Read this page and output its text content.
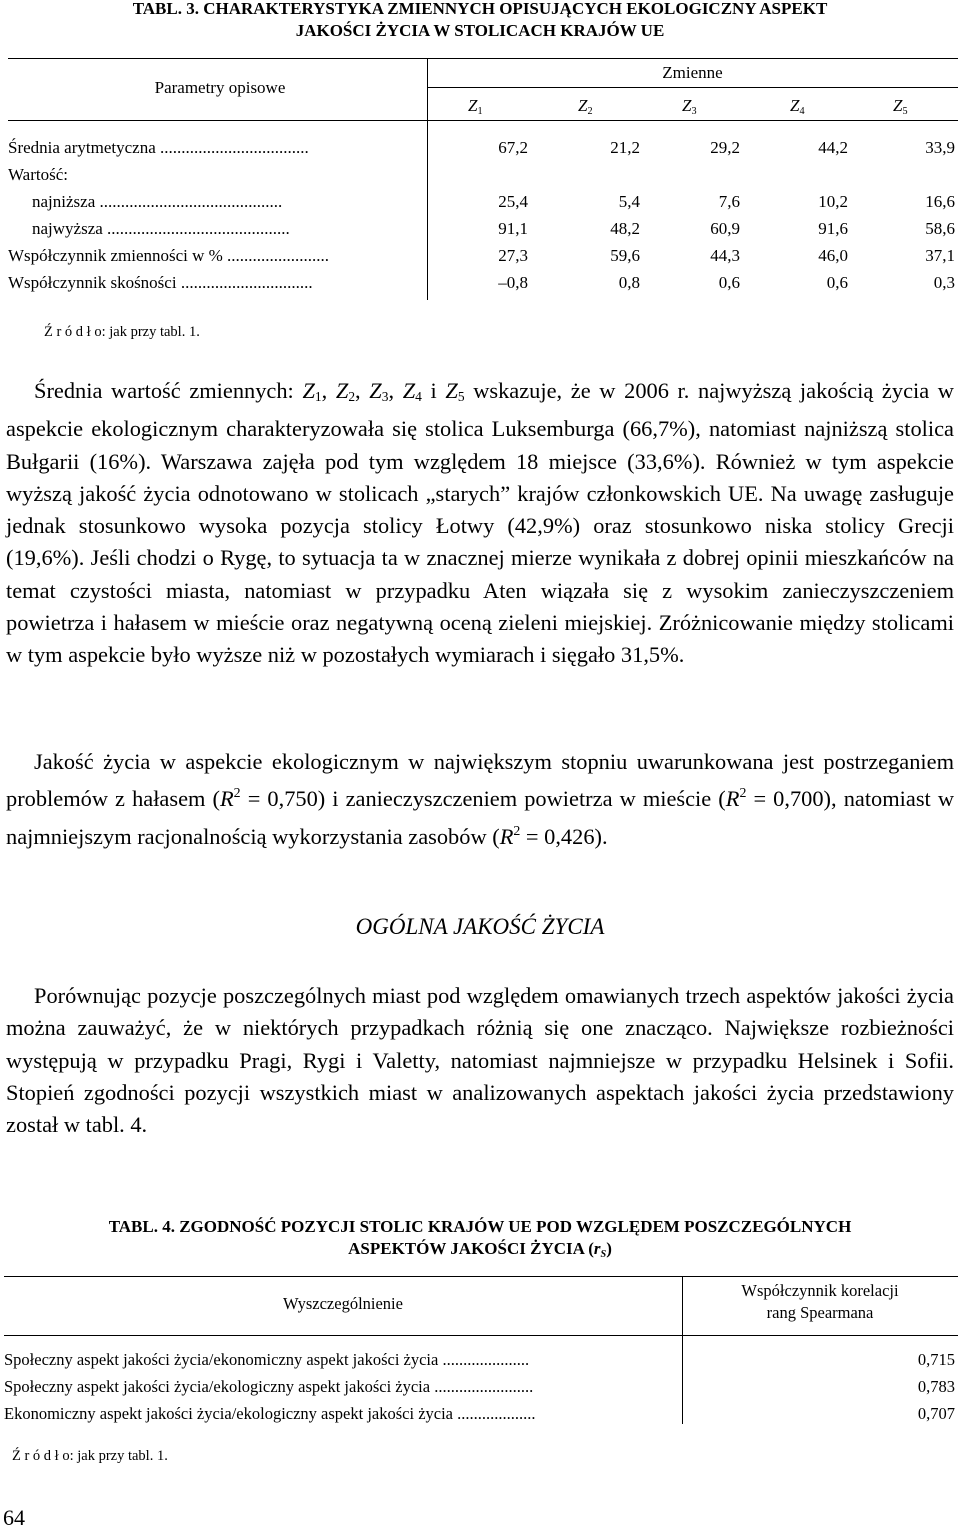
TABL. 3. CHARAKTERYSTYKA ZMIENNYCH OPISUJĄCYCH EKOLOGICZNY ASPEKT
JAKOŚCI ŻYCIA W STOLICACH KRAJÓW UE
Parametry opisowe
Zmienne
$Z_1$	$Z_2$	$Z_3$	$Z_4$	$Z_5$
Średnia arytmetyczna ...................................	67,2	21,2	29,2	44,2	33,9
Wartość:
najniższa ...........................................	25,4	5,4	7,6	10,2	16,6
najwyższa ...........................................	91,1	48,2	60,9	91,6	58,6
Współczynnik zmienności w % ........................	27,3	59,6	44,3	46,0	37,1
Współczynnik skośności ...............................	–0,8	0,8	0,6	0,6	0,3
Ź r ó d ł o: jak przy tabl. 1.

Średnia wartość zmiennych: $Z_1$, $Z_2$, $Z_3$, $Z_4$ i $Z_5$ wskazuje, że w 2006 r. najwyższą jakością życia w aspekcie ekologicznym charakteryzowała się stolica Luksemburga (66,7%), natomiast najniższą stolica Bułgarii (16%). Warszawa zajęła pod tym względem 18 miejsce (33,6%). Również w tym aspekcie wyższą jakość życia odnotowano w stolicach „starych” krajów członkowskich UE. Na uwagę zasługuje jednak stosunkowo wysoka pozycja stolicy Łotwy (42,9%) oraz stosunkowo niska stolicy Grecji (19,6%). Jeśli chodzi o Rygę, to sytuacja ta w znacznej mierze wynikała z dobrej opinii mieszkańców na temat czystości miasta, natomiast w przypadku Aten wiązała się z wysokim zanieczyszczeniem powietrza i hałasem w mieście oraz negatywną oceną zieleni miejskiej. Zróżnicowanie między stolicami w tym aspekcie było wyższe niż w pozostałych wymiarach i sięgało 31,5%.

Jakość życia w aspekcie ekologicznym w największym stopniu uwarunkowana jest postrzeganiem problemów z hałasem $(R^2 = 0,750)$ i zanieczyszczeniem powietrza w mieście $(R^2 = 0,700)$, natomiast w najmniejszym racjonalnością wykorzystania zasobów $(R^2 = 0,426)$.

OGÓLNA JAKOŚĆ ŻYCIA

Porównując pozycje poszczególnych miast pod względem omawianych trzech aspektów jakości życia można zauważyć, że w niektórych przypadkach różnią się one znacząco. Największe rozbieżności występują w przypadku Pragi, Rygi i Valetty, natomiast najmniejsze w przypadku Helsinek i Sofii. Stopień zgodności pozycji wszystkich miast w analizowanych aspektach jakości życia przedstawiony został w tabl. 4.

TABL. 4. ZGODNOŚĆ POZYCJI STOLIC KRAJÓW UE POD WZGLĘDEM POSZCZEGÓLNYCH
ASPEKTÓW JAKOŚCI ŻYCIA $(r_S)$
Wyszczególnienie
Współczynnik korelacji
rang Spearmana
Społeczny aspekt jakości życia/ekonomiczny aspekt jakości życia .....................	0,715
Społeczny aspekt jakości życia/ekologiczny aspekt jakości życia ........................	0,783
Ekonomiczny aspekt jakości życia/ekologiczny aspekt jakości życia ...................	0,707
Ź r ó d ł o: jak przy tabl. 1.
64
